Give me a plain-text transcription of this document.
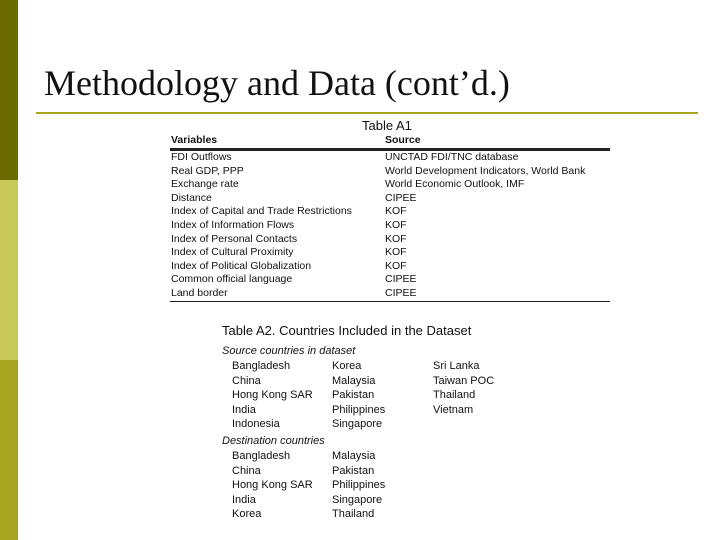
Methodology and Data (cont’d.)
Table A1
Variables	Source
FDI Outflows	UNCTAD FDI/TNC database
Real GDP, PPP	World Development Indicators, World Bank
Exchange rate	World Economic Outlook, IMF
Distance	CIPEE
Index of Capital and Trade Restrictions	KOF
Index of Information Flows	KOF
Index of Personal Contacts	KOF
Index of Cultural Proximity	KOF
Index of Political Globalization	KOF
Common official language	CIPEE
Land border	CIPEE
Table A2. Countries Included in the Dataset
Source countries in dataset
Bangladesh
China
Hong Kong SAR
India
Indonesia
Korea
Malaysia
Pakistan
Philippines
Singapore
Sri Lanka
Taiwan POC
Thailand
Vietnam
Destination countries
Bangladesh
China
Hong Kong SAR
India
Korea
Malaysia
Pakistan
Philippines
Singapore
Thailand
